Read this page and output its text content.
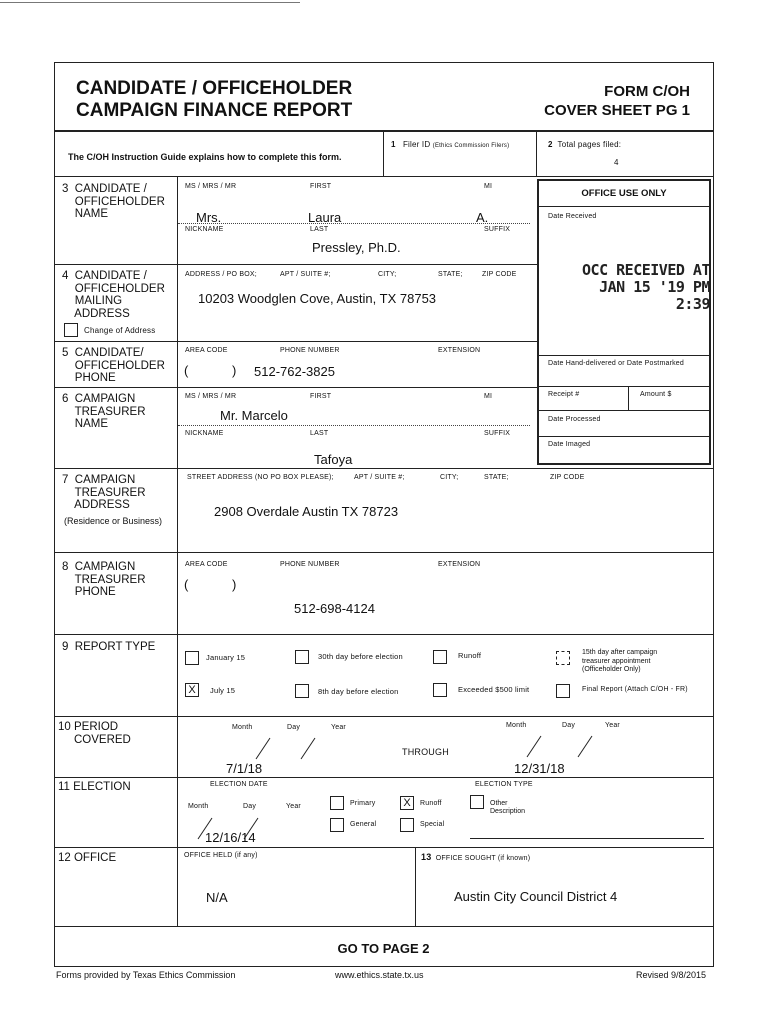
CANDIDATE / OFFICEHOLDER
CAMPAIGN FINANCE REPORT
FORM C/OH
COVER SHEET PG 1
The C/OH Instruction Guide explains how to complete this form.
1 Filer ID (Ethics Commission Filers)	2 Total pages filed:
4
OFFICE USE ONLY
Date Received
OCC RECEIVED AT
JAN 15 '19 PM 2:39
Date Hand-delivered or Date Postmarked
Receipt #	Amount $
Date Processed
Date Imaged
3  CANDIDATE /
OFFICEHOLDER
NAME
MS / MRS / MR	FIRST	MI
Mrs.	Laura	A.
NICKNAME	LAST	SUFFIX
Pressley, Ph.D.
4  CANDIDATE /
OFFICEHOLDER
MAILING
ADDRESS
ADDRESS / PO BOX;	APT / SUITE #;	CITY;	STATE;	ZIP CODE
10203 Woodglen Cove, Austin, TX 78753
Change of Address
5  CANDIDATE/
OFFICEHOLDER
PHONE
AREA CODE	PHONE NUMBER	EXTENSION
(	) 512-762-3825
6  CAMPAIGN
TREASURER
NAME
MS / MRS / MR	FIRST	MI
Mr. Marcelo
NICKNAME	LAST	SUFFIX
Tafoya
7  CAMPAIGN
TREASURER
ADDRESS
(Residence or Business)
STREET ADDRESS (NO PO BOX PLEASE);	APT / SUITE #;	CITY;	STATE;	ZIP CODE
2908 Overdale Austin TX 78723
8  CAMPAIGN
TREASURER
PHONE
AREA CODE	PHONE NUMBER	EXTENSION
(	)
512-698-4124
9  REPORT TYPE
January 15	30th day before election	Runoff	15th day after campaign
treasurer appointment
(Officeholder Only)
X	July 15	8th day before election	Exceeded $500 limit	Final Report (Attach C/OH - FR)
10 PERIOD
COVERED
Month	Day	Year	Month	Day	Year
THROUGH
7/1/18	12/31/18
11 ELECTION	ELECTION DATE	ELECTION TYPE
Month	Day	Year
12/16/14
Primary	X	Runoff	Other
Description
General	Special
12 OFFICE	OFFICE HELD (if any)
N/A
13 OFFICE SOUGHT (if known)
Austin City Council District 4
GO TO PAGE 2
Forms provided by Texas Ethics Commission	www.ethics.state.tx.us	Revised 9/8/2015
